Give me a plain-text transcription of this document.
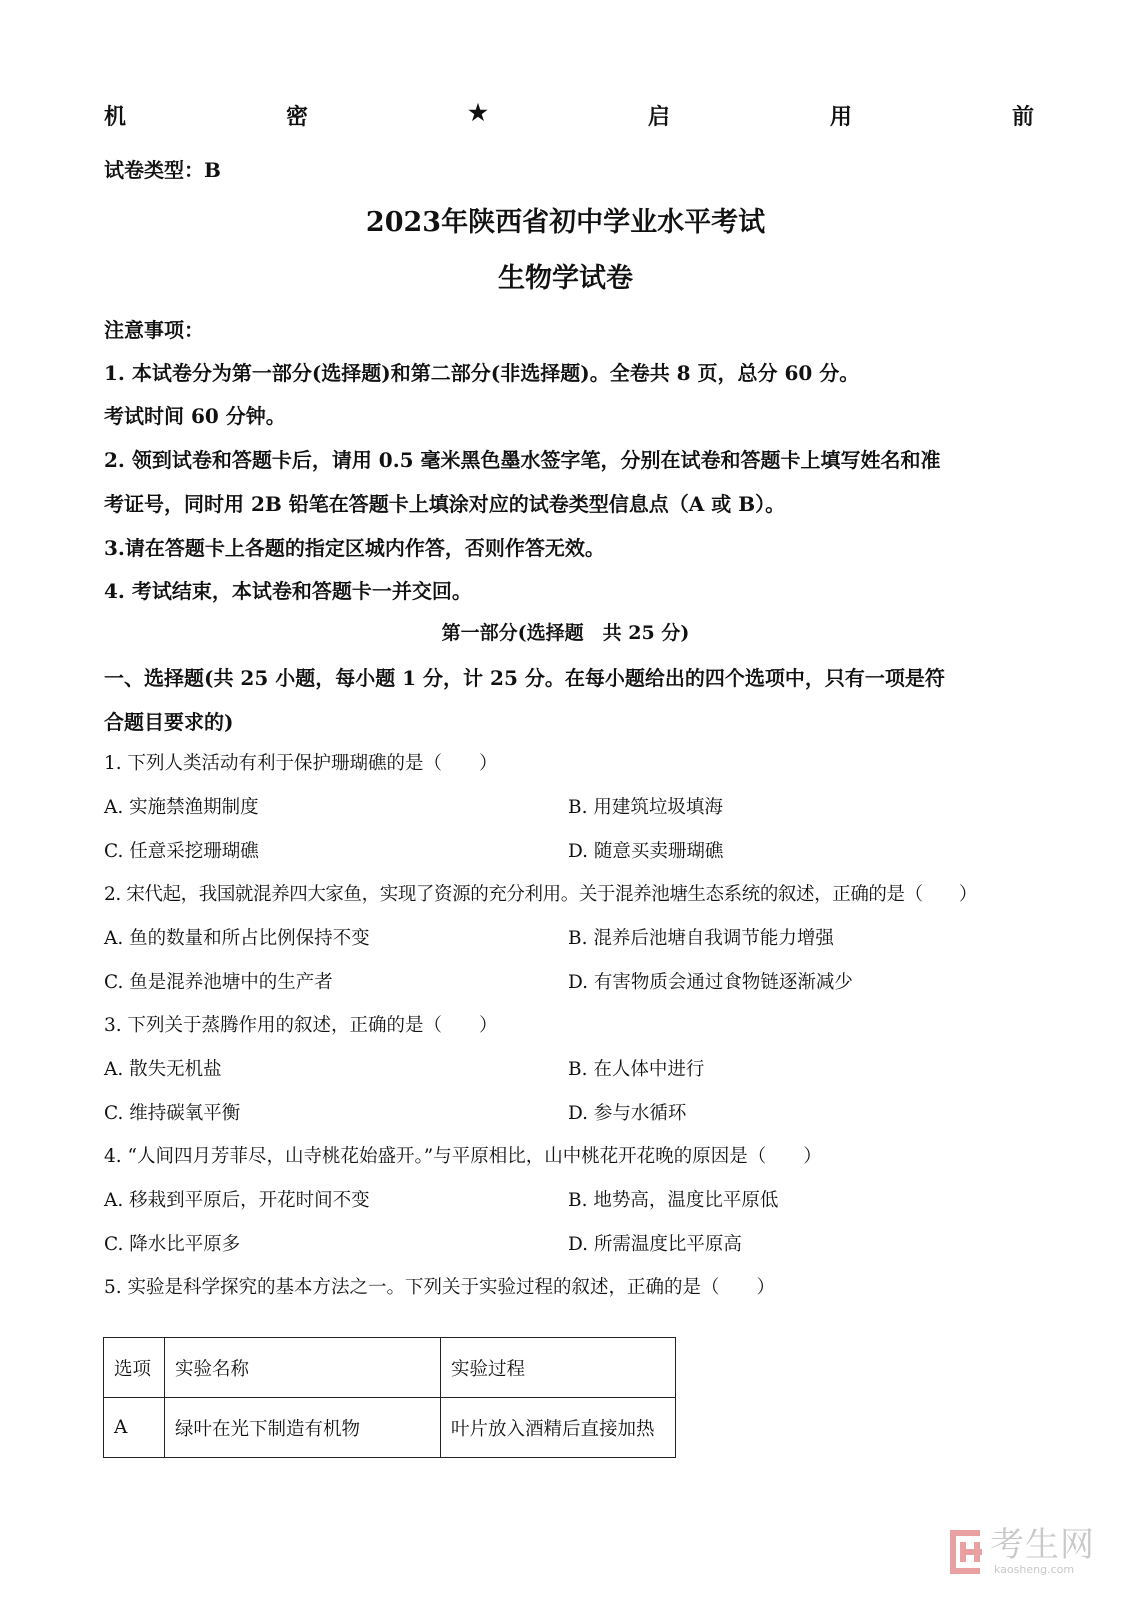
机	密	★	启	用	前
试卷类型：B
2023年陕西省初中学业水平考试
生物学试卷
注意事项：
1. 本试卷分为第一部分(选择题)和第二部分(非选择题)。全卷共 8 页，总分 60 分。
考试时间 60 分钟。
2. 领到试卷和答题卡后，请用 0.5 毫米黑色墨水签字笔，分别在试卷和答题卡上填写姓名和准
考证号，同时用 2B 铅笔在答题卡上填涂对应的试卷类型信息点（A 或 B）。
3.请在答题卡上各题的指定区城内作答，否则作答无效。
4. 考试结束，本试卷和答题卡一并交回。
第一部分(选择题　共 25 分)
一、选择题(共 25 小题，每小题 1 分，计 25 分。在每小题给出的四个选项中，只有一项是符
合题目要求的)
1. 下列人类活动有利于保护珊瑚礁的是（　　）
A. 实施禁渔期制度	B. 用建筑垃圾填海
C. 任意采挖珊瑚礁	D. 随意买卖珊瑚礁
2. 宋代起，我国就混养四大家鱼，实现了资源的充分利用。关于混养池塘生态系统的叙述，正确的是（　　）
A. 鱼的数量和所占比例保持不变	B. 混养后池塘自我调节能力增强
C. 鱼是混养池塘中的生产者	D. 有害物质会通过食物链逐渐减少
3. 下列关于蒸腾作用的叙述，正确的是（　　）
A. 散失无机盐	B. 在人体中进行
C. 维持碳氧平衡	D. 参与水循环
4. “人间四月芳菲尽，山寺桃花始盛开。”与平原相比，山中桃花开花晚的原因是（　　）
A. 移栽到平原后，开花时间不变	B. 地势高，温度比平原低
C. 降水比平原多	D. 所需温度比平原高
5. 实验是科学探究的基本方法之一。下列关于实验过程的叙述，正确的是（　　）
选项	实验名称	实验过程
A	绿叶在光下制造有机物	叶片放入酒精后直接加热
考生网
kaosheng.com
